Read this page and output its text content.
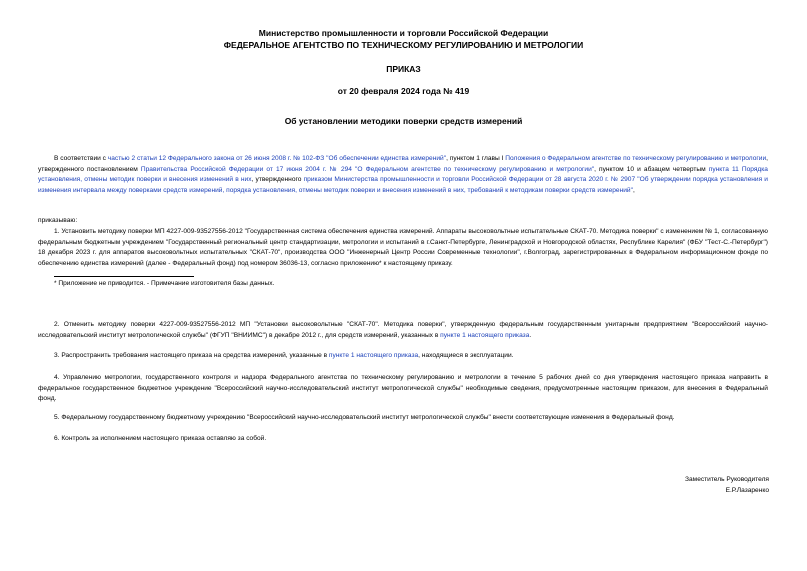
Министерство промышленности и торговли Российской Федерации
ФЕДЕРАЛЬНОЕ АГЕНТСТВО ПО ТЕХНИЧЕСКОМУ РЕГУЛИРОВАНИЮ И МЕТРОЛОГИИ
ПРИКАЗ
от 20 февраля 2024 года № 419
Об установлении методики поверки средств измерений
В соответствии с частью 2 статьи 12 Федерального закона от 26 июня 2008 г. № 102-ФЗ "Об обеспечении единства измерений", пунктом 1 главы I Положения о Федеральном агентстве по техническому регулированию и метрологии, утвержденного постановлением Правительства Российской Федерации от 17 июня 2004 г. № 294 "О Федеральном агентстве по техническому регулированию и метрологии", пунктом 10 и абзацем четвертым пункта 11 Порядка установления, отмены методик поверки и внесения изменений в них, утвержденного приказом Министерства промышленности и торговли Российской Федерации от 28 августа 2020 г. № 2907 "Об утверждении порядка установления и изменения интервала между поверками средств измерений, порядка установления, отмены методик поверки и внесения изменений в них, требований к методикам поверки средств измерений",
приказываю:
1. Установить методику поверки МП 4227-009-93527556-2012 "Государственная система обеспечения единства измерений. Аппараты высоковольтные испытательные СКАТ-70. Методика поверки" с изменением № 1, согласованную федеральным бюджетным учреждением "Государственный региональный центр стандартизации, метрологии и испытаний в г.Санкт-Петербурге, Ленинградской и Новгородской областях, Республике Карелия" (ФБУ "Тест-С.-Петербург") 18 декабря 2023 г. для аппаратов высоковольтных испытательных "СКАТ-70", производства ООО "Инженерный Центр России Современные технологии", г.Волгоград, зарегистрированных в Федеральном информационном фонде по обеспечению единства измерений (далее - Федеральный фонд) под номером 36036-13, согласно приложению* к настоящему приказу.
* Приложение не приводится. - Примечание изготовителя базы данных.
2. Отменить методику поверки 4227-009-93527556-2012 МП "Установки высоковольтные "СКАТ-70". Методика поверки", утвержденную федеральным государственным унитарным предприятием "Всероссийский научно-исследовательский институт метрологической службы" (ФГУП "ВНИИМС") в декабре 2012 г., для средств измерений, указанных в пункте 1 настоящего приказа.
3. Распространить требования настоящего приказа на средства измерений, указанные в пункте 1 настоящего приказа, находящиеся в эксплуатации.
4. Управлению метрологии, государственного контроля и надзора Федерального агентства по техническому регулированию и метрологии в течение 5 рабочих дней со дня утверждения настоящего приказа направить в федеральное государственное бюджетное учреждение "Всероссийский научно-исследовательский институт метрологической службы" необходимые сведения, предусмотренные настоящим приказом, для внесения в Федеральный фонд.
5. Федеральному государственному бюджетному учреждению "Всероссийский научно-исследовательский институт метрологической службы" внести соответствующие изменения в Федеральный фонд.
6. Контроль за исполнением настоящего приказа оставляю за собой.
Заместитель Руководителя
Е.Р.Лазаренко
